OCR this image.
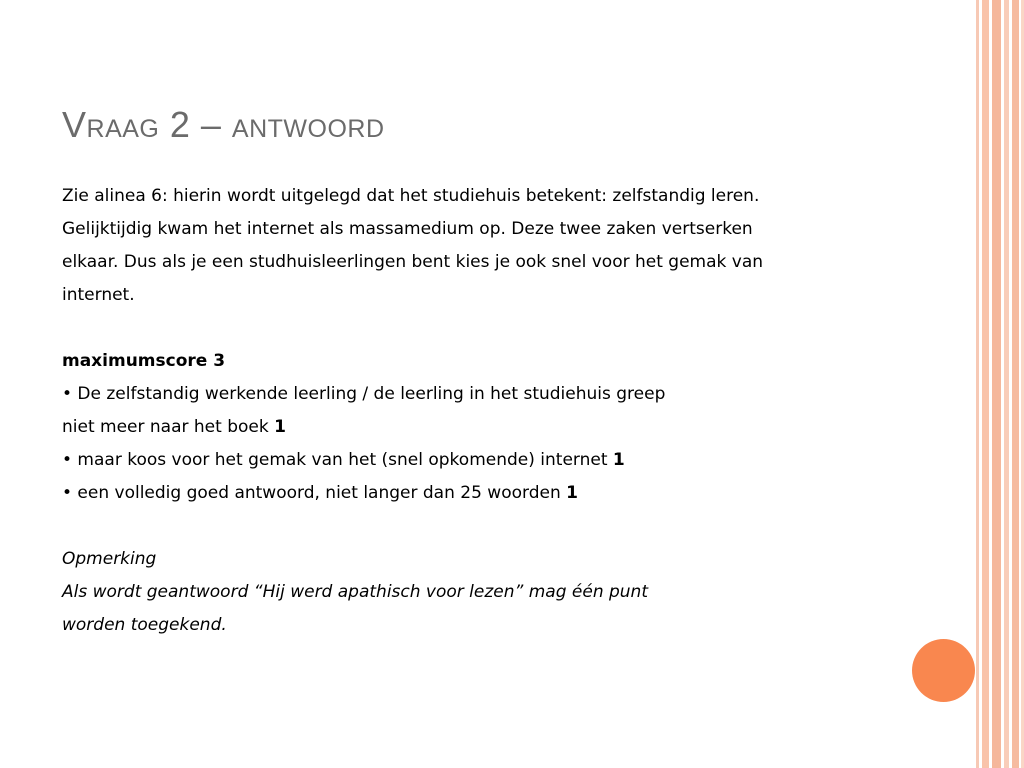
Vraag 2 – antwoord
Zie alinea 6: hierin wordt uitgelegd dat het studiehuis betekent: zelfstandig leren.
Gelijktijdig kwam het internet als massamedium op. Deze twee zaken vertserken
elkaar. Dus als je een studhuisleerlingen bent kies je ook snel voor het gemak van
internet.
maximumscore 3
• De zelfstandig werkende leerling / de leerling in het studiehuis greep
niet meer naar het boek 1
• maar koos voor het gemak van het (snel opkomende) internet 1
• een volledig goed antwoord, niet langer dan 25 woorden 1
Opmerking
Als wordt geantwoord “Hij werd apathisch voor lezen” mag één punt
worden toegekend.
